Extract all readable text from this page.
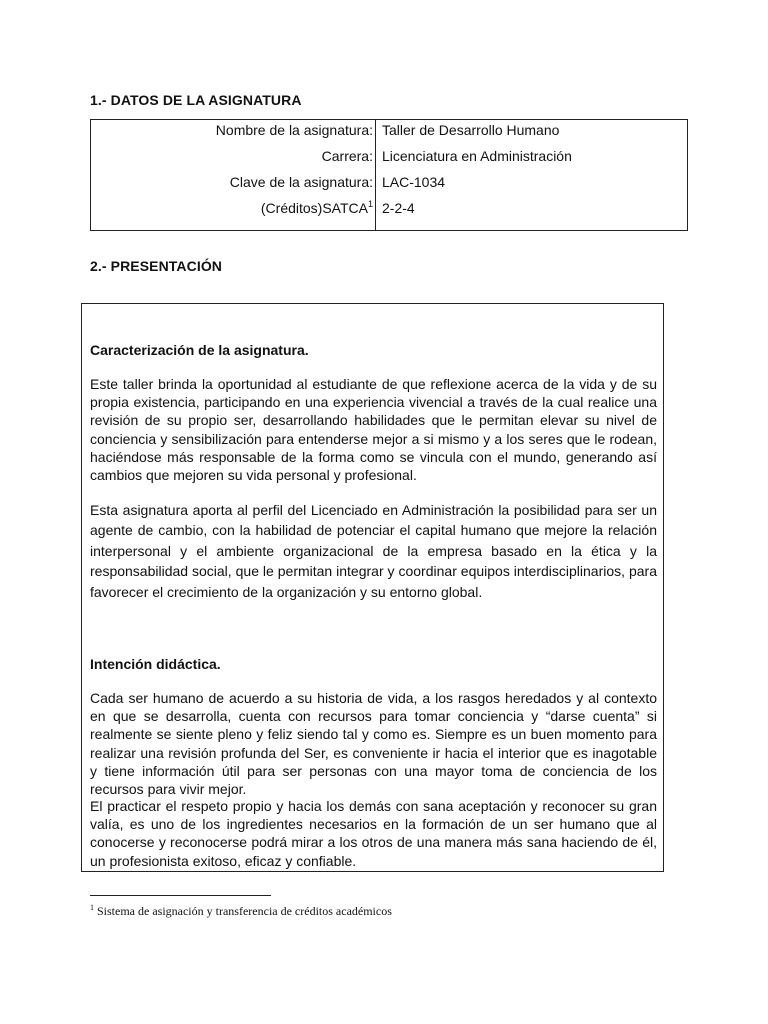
1.- DATOS DE LA ASIGNATURA
Nombre de la asignatura: Taller de Desarrollo Humano
Carrera: Licenciatura en Administración
Clave de la asignatura: LAC-1034
(Créditos)SATCA$^1$ 2-2-4
2.- PRESENTACIÓN
Caracterización de la asignatura.
Este taller brinda la oportunidad al estudiante de que reflexione acerca de la vida y de su propia existencia, participando en una experiencia vivencial a través de la cual realice una revisión de su propio ser, desarrollando habilidades que le permitan elevar su nivel de conciencia y sensibilización para entenderse mejor a si mismo y a los seres que le rodean, haciéndose más responsable de la forma como se vincula con el mundo, generando así cambios que mejoren su vida personal y profesional.
Esta asignatura aporta al perfil del Licenciado en Administración la posibilidad para ser un agente de cambio, con la habilidad de potenciar el capital humano que mejore la relación interpersonal y el ambiente organizacional de la empresa basado en la ética y la responsabilidad social, que le permitan integrar y coordinar equipos interdisciplinarios, para favorecer el crecimiento de la organización y su entorno global.
Intención didáctica.
Cada ser humano de acuerdo a su historia de vida, a los rasgos heredados y al contexto en que se desarrolla, cuenta con recursos para tomar conciencia y “darse cuenta” si realmente se siente pleno y feliz siendo tal y como es. Siempre es un buen momento para realizar una revisión profunda del Ser, es conveniente ir hacia el interior que es inagotable y tiene información útil para ser personas con una mayor toma de conciencia de los recursos para vivir mejor.
El practicar el respeto propio y hacia los demás con sana aceptación y reconocer su gran valía, es uno de los ingredientes necesarios en la formación de un ser humano que al conocerse y reconocerse podrá mirar a los otros de una manera más sana haciendo de él, un profesionista exitoso, eficaz y confiable.
$^1$ Sistema de asignación y transferencia de créditos académicos
